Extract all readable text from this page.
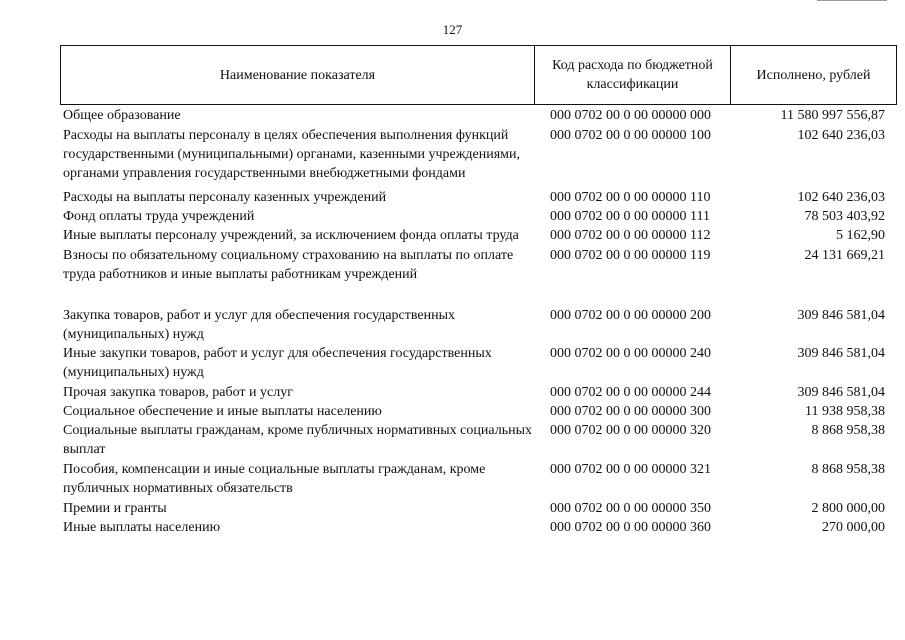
127
Наименование показателя
Код расхода по бюджетной классификации
Исполнено, рублей
Общее образование	000 0702 00 0 00 00000 000	11 580 997 556,87
Расходы на выплаты персоналу в целях обеспечения выполнения функций государственными (муниципальными) органами, казенными учреждениями, органами управления государственными внебюджетными фондами
000 0702 00 0 00 00000 100	102 640 236,03
Расходы на выплаты персоналу казенных учреждений	000 0702 00 0 00 00000 110	102 640 236,03
Фонд оплаты труда учреждений	000 0702 00 0 00 00000 111	78 503 403,92
Иные выплаты персоналу учреждений, за исключением фонда оплаты труда	000 0702 00 0 00 00000 112	5 162,90
Взносы по обязательному социальному страхованию на выплаты по оплате труда работников и иные выплаты работникам учреждений
000 0702 00 0 00 00000 119	24 131 669,21
Закупка товаров, работ и услуг для обеспечения государственных (муниципальных) нужд
000 0702 00 0 00 00000 200	309 846 581,04
Иные закупки товаров, работ и услуг для обеспечения государственных (муниципальных) нужд
000 0702 00 0 00 00000 240	309 846 581,04
Прочая закупка товаров, работ и услуг	000 0702 00 0 00 00000 244	309 846 581,04
Социальное обеспечение и иные выплаты населению	000 0702 00 0 00 00000 300	11 938 958,38
Социальные выплаты гражданам, кроме публичных нормативных социальных выплат
000 0702 00 0 00 00000 320	8 868 958,38
Пособия, компенсации и иные социальные выплаты гражданам, кроме публичных нормативных обязательств
000 0702 00 0 00 00000 321	8 868 958,38
Премии и гранты	000 0702 00 0 00 00000 350	2 800 000,00
Иные выплаты населению	000 0702 00 0 00 00000 360	270 000,00
